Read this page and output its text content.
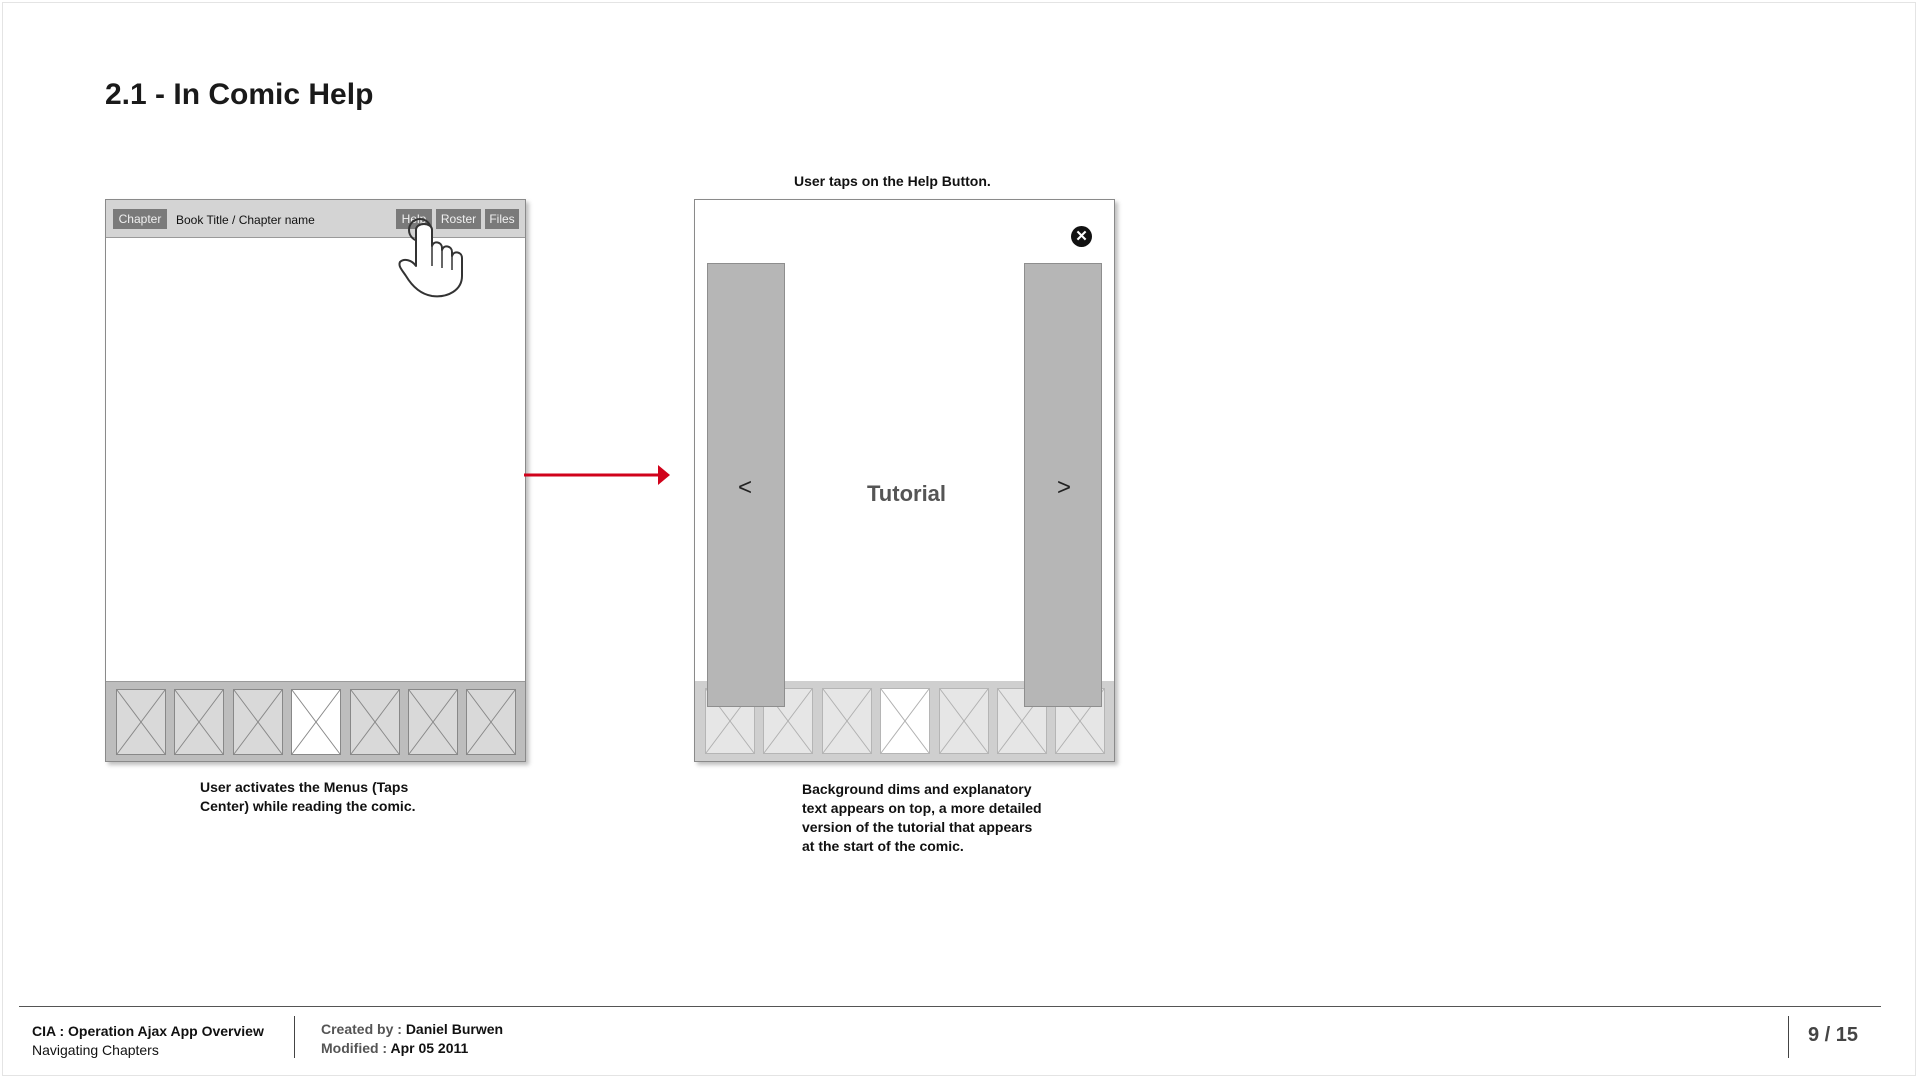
2.1 - In Comic Help
Chapter	Book Title / Chapter name	Help	Roster	Files
User activates the Menus (Taps
Center) while reading the comic.
User taps on the Help Button.
✕
<	Tutorial	>
Background dims and explanatory
text appears on top, a more detailed
version of the tutorial that appears
at the start of the comic.
CIA : Operation Ajax App Overview
Navigating Chapters
Created by : Daniel Burwen
Modified : Apr 05 2011
9 / 15
